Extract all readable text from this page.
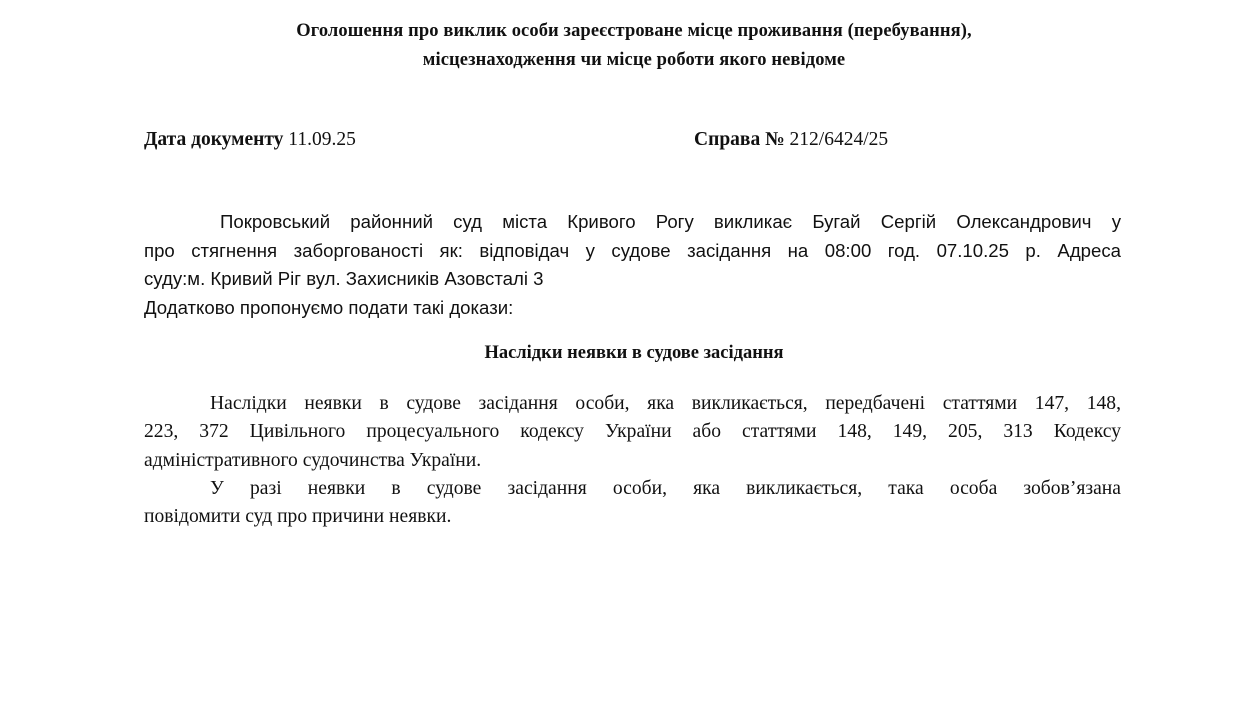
Оголошення про виклик особи зареєстроване місце проживання (перебування),
місцезнаходження чи місце роботи якого невідоме
Дата документу 11.09.25	Справа № 212/6424/25
Покровський районний суд міста Кривого Рогу викликає Бугай Сергій Олександрович у
про стягнення заборгованості як: відповідач у судове засідання на 08:00 год. 07.10.25 р. Адреса
суду:м. Кривий Ріг вул. Захисників Азовсталі 3
Додатково пропонуємо подати такі докази:
Наслідки неявки в судове засідання
Наслідки неявки в судове засідання особи, яка викликається, передбачені статтями 147, 148,
223, 372 Цивільного процесуального кодексу України або статтями 148, 149, 205, 313 Кодексу
адміністративного судочинства України.
У разі неявки в судове засідання особи, яка викликається, така особа зобов’язана
повідомити суд про причини неявки.
